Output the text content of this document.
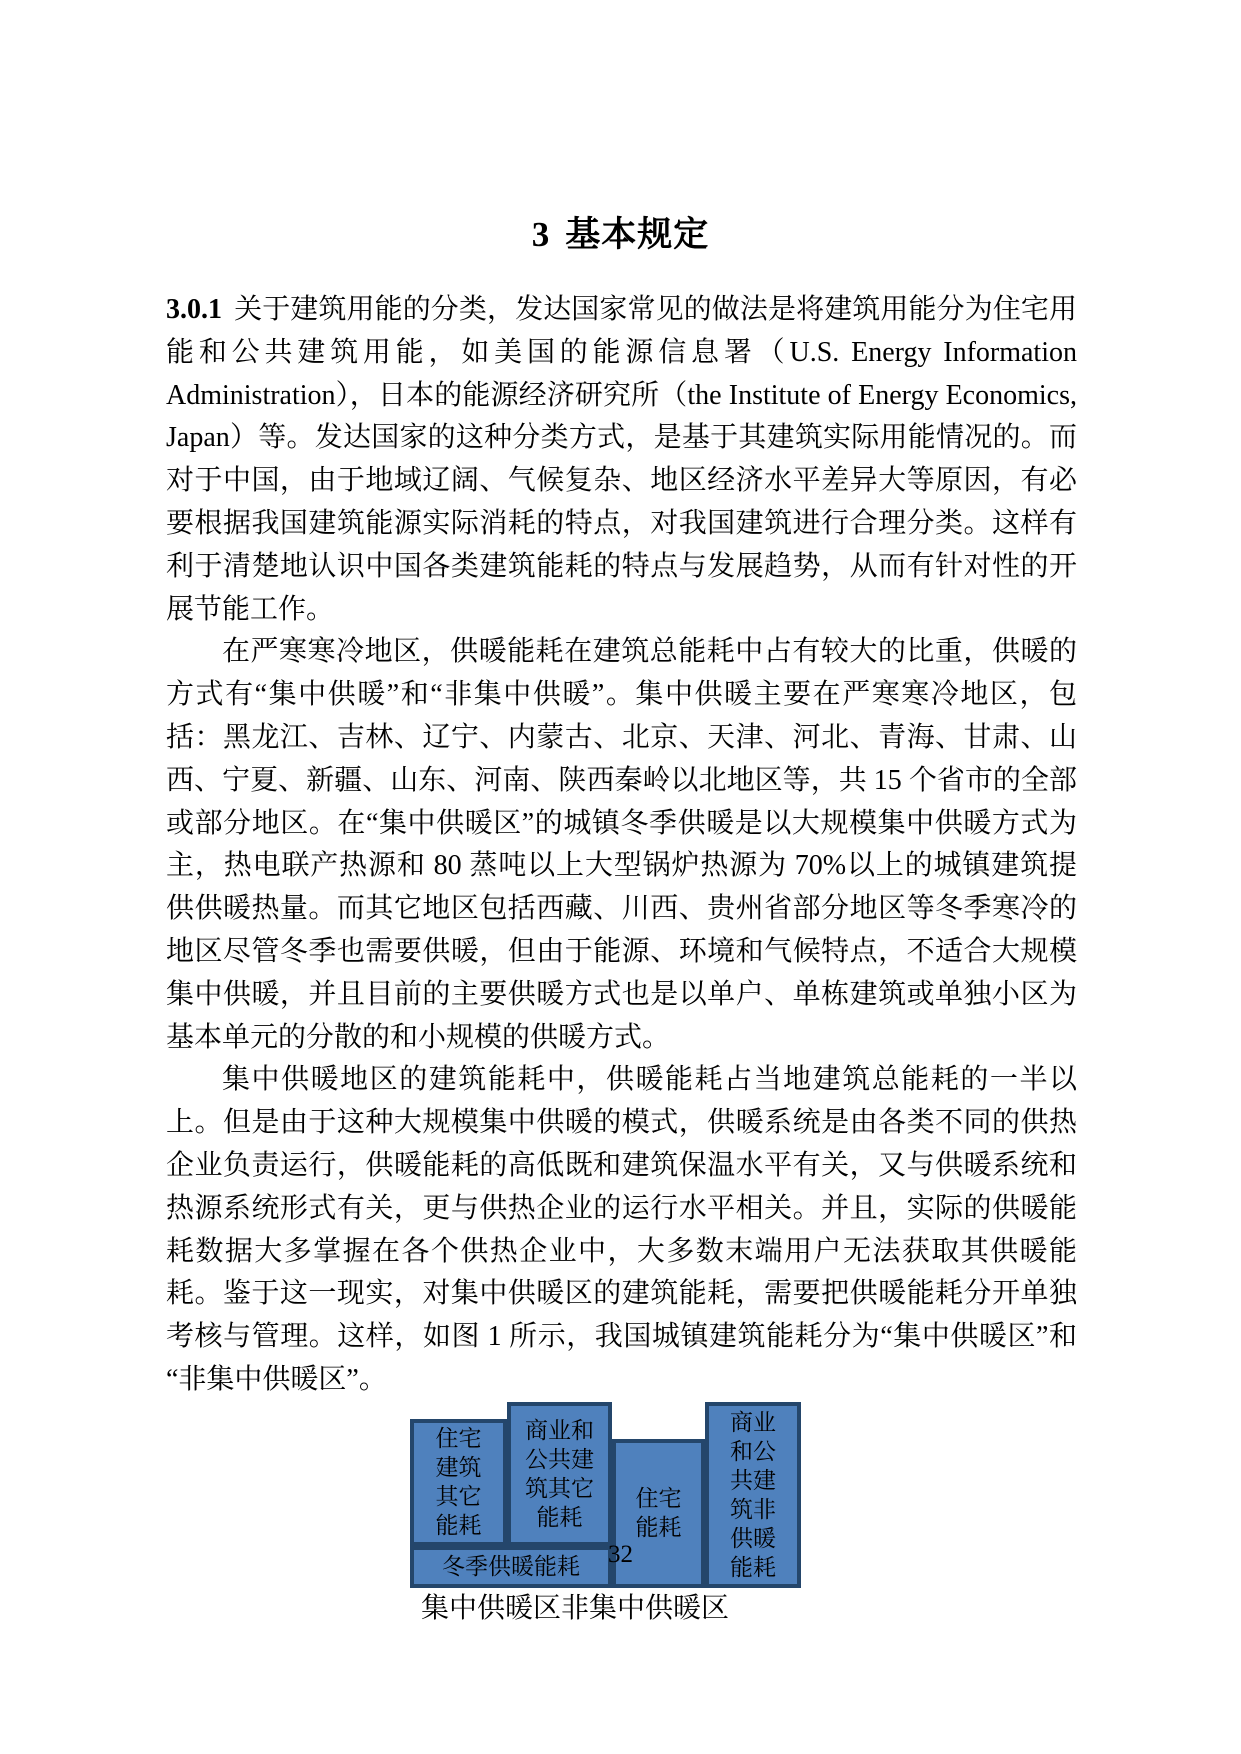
3 基本规定

3.0.1 关于建筑用能的分类，发达国家常见的做法是将建筑用能分为住宅用能和公共建筑用能，如美国的能源信息署（U.S. Energy Information Administration），日本的能源经济研究所（the Institute of Energy Economics, Japan）等。发达国家的这种分类方式，是基于其建筑实际用能情况的。而对于中国，由于地域辽阔、气候复杂、地区经济水平差异大等原因，有必要根据我国建筑能源实际消耗的特点，对我国建筑进行合理分类。这样有利于清楚地认识中国各类建筑能耗的特点与发展趋势，从而有针对性的开展节能工作。

在严寒寒冷地区，供暖能耗在建筑总能耗中占有较大的比重，供暖的方式有“集中供暖”和“非集中供暖”。集中供暖主要在严寒寒冷地区，包括：黑龙江、吉林、辽宁、内蒙古、北京、天津、河北、青海、甘肃、山西、宁夏、新疆、山东、河南、陕西秦岭以北地区等，共 15 个省市的全部或部分地区。在“集中供暖区”的城镇冬季供暖是以大规模集中供暖方式为主，热电联产热源和 80 蒸吨以上大型锅炉热源为 70%以上的城镇建筑提供供暖热量。而其它地区包括西藏、川西、贵州省部分地区等冬季寒冷的地区尽管冬季也需要供暖，但由于能源、环境和气候特点，不适合大规模集中供暖，并且目前的主要供暖方式也是以单户、单栋建筑或单独小区为基本单元的分散的和小规模的供暖方式。

集中供暖地区的建筑能耗中，供暖能耗占当地建筑总能耗的一半以上。但是由于这种大规模集中供暖的模式，供暖系统是由各类不同的供热企业负责运行，供暖能耗的高低既和建筑保温水平有关，又与供暖系统和热源系统形式有关，更与供热企业的运行水平相关。并且，实际的供暖能耗数据大多掌握在各个供热企业中，大多数末端用户无法获取其供暖能耗。鉴于这一现实，对集中供暖区的建筑能耗，需要把供暖能耗分开单独考核与管理。这样，如图 1 所示，我国城镇建筑能耗分为“集中供暖区”和“非集中供暖区”。

住宅建筑其它能耗
商业和公共建筑其它能耗
冬季供暖能耗
住宅能耗
商业和公共建筑非供暖能耗
集中供暖区非集中供暖区
32
